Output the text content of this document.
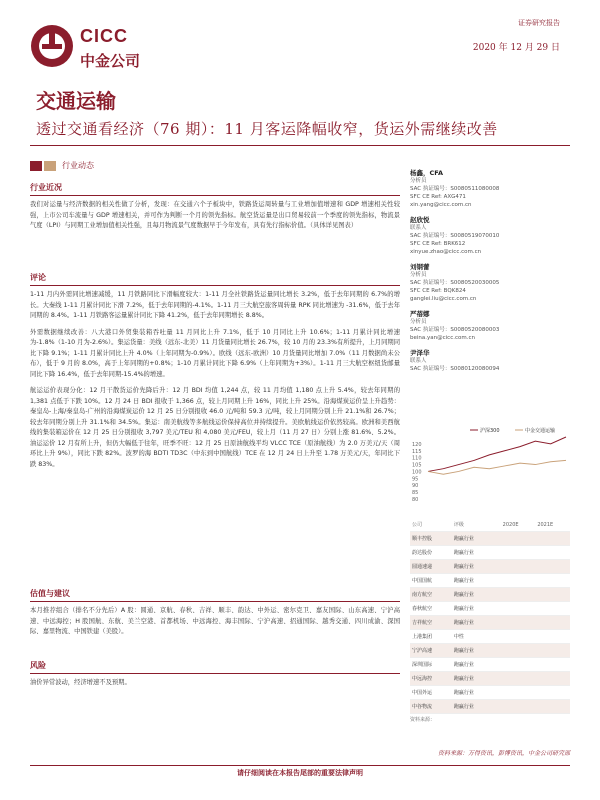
CICC
中金公司
证券研究报告
2020 年 12 月 29 日
交通运输
透过交通看经济（76 期）：11 月客运降幅收窄，货运外需继续改善
行业动态
行业近况
我们对运量与经济数据的相关性做了分析，发现：在交通六个子板块中，铁路货运周转量与工业增加值增速和 GDP 增速相关性较强，上市公司车流量与 GDP 增速相关，并可作为判断一个月的领先指标。航空货运量是出口贸易较前一个季度的领先指标，物流景气度（LPI）与同期工业增加值相关性强，且每月物流景气度数据早于今年发布，具有先行指标价值。（具体详见图表）
评论
1-11 月内外需同比增速减缓，11 月铁路同比下滑幅度较大：1-11 月全社铁路货运量同比增长 3.2%，低于去年同期的 6.7%的增长。大秦线 1-11 月累计同比下滑 7.2%，低于去年同期的-4.1%。1-11 月三大航空旅客周转量 RPK 同比增速为 -31.6%，低于去年同期的 8.4%。1-11 月铁路客运量累计同比下降 41.2%，低于去年同期增长 8.8%。
外需数据继续改善：八大港口外贸集装箱吞吐量 11 月同比上升 7.1%，低于 10 月同比上升 10.6%；1-11 月累计同比增速为-1.8%（1-10 月为-2.6%）。集运货量：美线（远东-北美）11 月货量同比增长 26.7%，较 10 月的 23.3%有所提升，上月同期同比下降 9.1%；1-11 月累计同比上升 4.0%（上年同期为-0.9%）。欧线（远东-欧洲）10 月货量同比增加 7.0%（11 月数据尚未公布），低于 9 月的 8.0%，高于上年同期的+0.8%；1-10 月累计同比下降 6.9%（上年同期为+3%）。1-11 月三大航空枢纽货邮量同比下降 16.4%，低于去年同期-15.4%的增速。
航运运价表现分化：12 月干散货运价先降后升：12 月 BDI 均值 1,244 点，较 11 月均值 1,180 点上升 5.4%，较去年同期的 1,381 点低于下跌 10%。12 月 24 日 BDI 报收于 1,366 点，较上月同期上升 16%，同比上升 25%。沿海煤炭运价呈上升趋势：秦皇岛-上海/秦皇岛-广州的沿海煤炭运价 12 月 25 日分别报收 46.0 元/吨和 59.3 元/吨，较上月同期分别上升 21.1%和 26.7%；较去年同期分别上升 31.1%和 34.5%。集运：南美航线等多航线运价保持高位并持续提升。美欧航线运价依然较高。欧洲和美西航线的集装箱运价在 12 月 25 日分别报收 3,797 美元/TEU 和 4,080 美元/FEU，较上月（11 月 27 日）分别上涨 81.6%、5.2%。油运运价 12 月有所上升，但仍大幅低于往年，旺季不旺：12 月 25 日原油航线平均 VLCC TCE（原油航线）为 2.0 万美元/天（周环比上升 9%），同比下跌 82%。波罗的海 BDTI TD3C（中东到中国航线）TCE 在 12 月 24 日上升至 1.78 万美元/天，年同比下跌 83%。
估值与建议
本月推荐组合（排名不分先后）A 股：圆通、京航、春秋、吉祥、顺丰、韵达、中外运、密尔克卫、嘉友国际、山东高速、宁沪高速、中远海控；H 股国航、东航、美兰空港、首都机场、中远海控、海丰国际、宁沪高速、招通国际、越秀交通、四川成渝、深国际、嘉里物流、中国铁建（美股）。
风险
油价异常波动，经济增速不及预期。
杨鑫，CFA
分析员
SAC 执证编号：S0080511080008
SFC CE Ref: AXG471
xin.yang@cicc.com.cn
赵欣悦
联系人
SAC 执证编号：S0080519070010
SFC CE Ref: BRK612
xinyue.zhao@cicc.com.cn
刘钢蕾
分析员
SAC 执证编号：S0080520030005
SFC CE Ref: BQK824
ganglei.liu@cicc.com.cn
严蓓娜
分析员
SAC 执证编号：S0080520080003
beina.yan@cicc.com.cn
尹泽华
联系人
SAC 执证编号：S0080120080094
120
115
110
105
100
95
90
85
80
沪深300	中金交通运输
公司	评级		2020E	2021E
顺丰控股	跑赢行业			
韵达股份	跑赢行业			
圆通速递	跑赢行业			
中国国航	跑赢行业			
南方航空	跑赢行业			
春秋航空	跑赢行业			
吉祥航空	跑赢行业			
上港集团	中性			
宁沪高速	跑赢行业			
深圳国际	跑赢行业			
中远海控	跑赢行业			
中国外运	跑赢行业			
中谷物流	跑赢行业			
资料来源：
资料来源：万得资讯，彭博资讯，中金公司研究部
请仔细阅读在本报告尾部的重要法律声明
